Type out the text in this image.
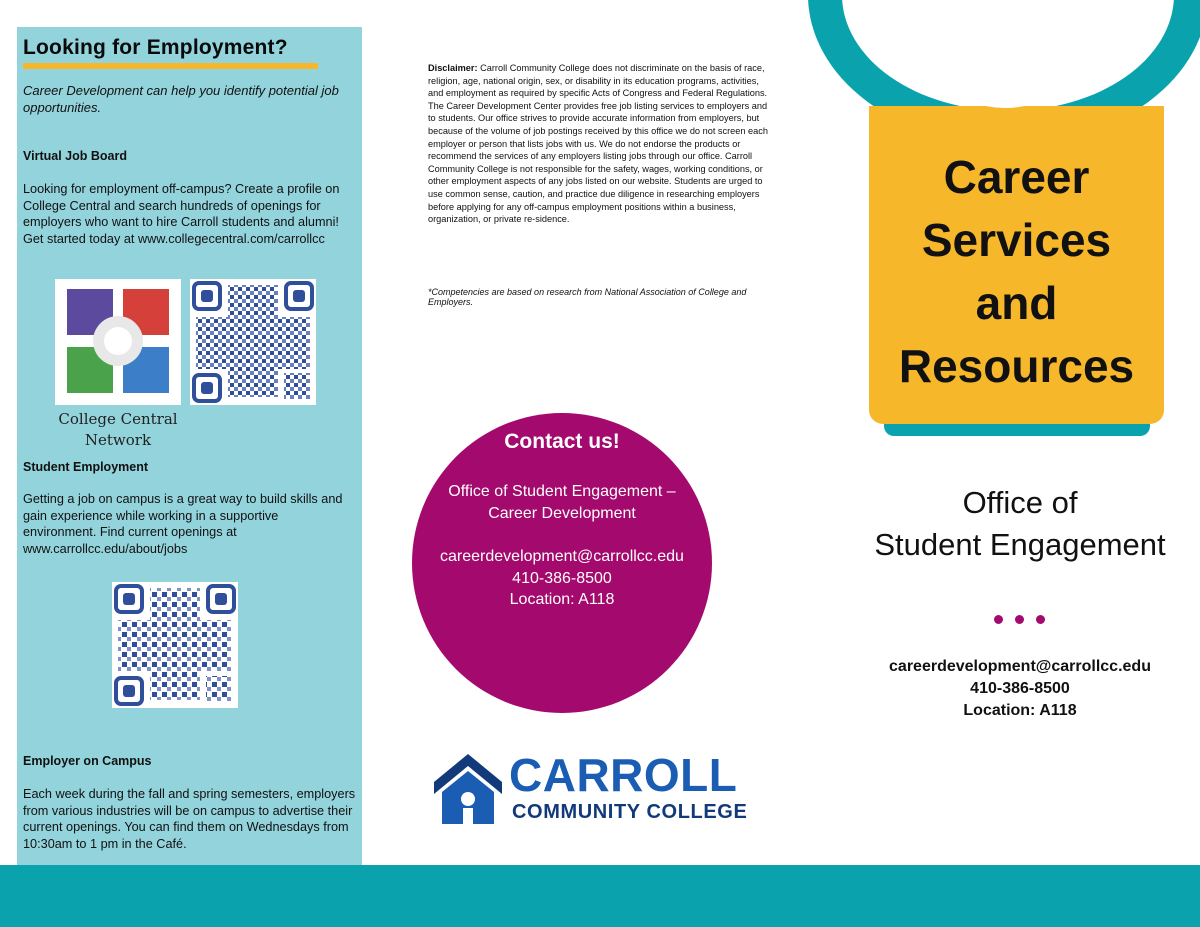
Looking for Employment?
Career Development can help you identify potential job opportunities.
Virtual Job Board
Looking for employment off-campus? Create a profile on College Central and search hundreds of openings for employers who want to hire Carroll students and alumni! Get started today at www.collegecentral.com/carrollcc
College Central
Network
Student Employment
Getting a job on campus is a great way to build skills and gain experience while working in a supportive environment. Find current openings at www.carrollcc.edu/about/jobs
Employer on Campus
Each week during the fall and spring semesters, employers from various industries will be on campus to advertise their current openings. You can find them on Wednesdays from 10:30am to 1 pm in the Café.
Disclaimer: Carroll Community College does not discriminate on the basis of race, religion, age, national origin, sex, or disability in its education programs, activities, and employment as required by specific Acts of Congress and Federal Regulations. The Career Development Center provides free job listing services to employers and to students. Our office strives to provide accurate information from employers, but because of the volume of job postings received by this office we do not screen each employer or person that lists jobs with us. We do not endorse the products or recommend the services of any employers listing jobs through our office. Carroll Community College is not responsible for the safety, wages, working conditions, or other employment aspects of any jobs listed on our website. Students are urged to use common sense, caution, and practice due diligence in researching employers before applying for any off-campus employment positions within a business, organization, or private re-sidence.
*Competencies are based on research from National Association of College and Employers.
Contact us!
Office of Student Engagement –
Career Development
careerdevelopment@carrollcc.edu
410-386-8500
Location: A118
CARROLL
COMMUNITY COLLEGE
Career
Services
and
Resources
Office of
Student Engagement
careerdevelopment@carrollcc.edu
410-386-8500
Location: A118
